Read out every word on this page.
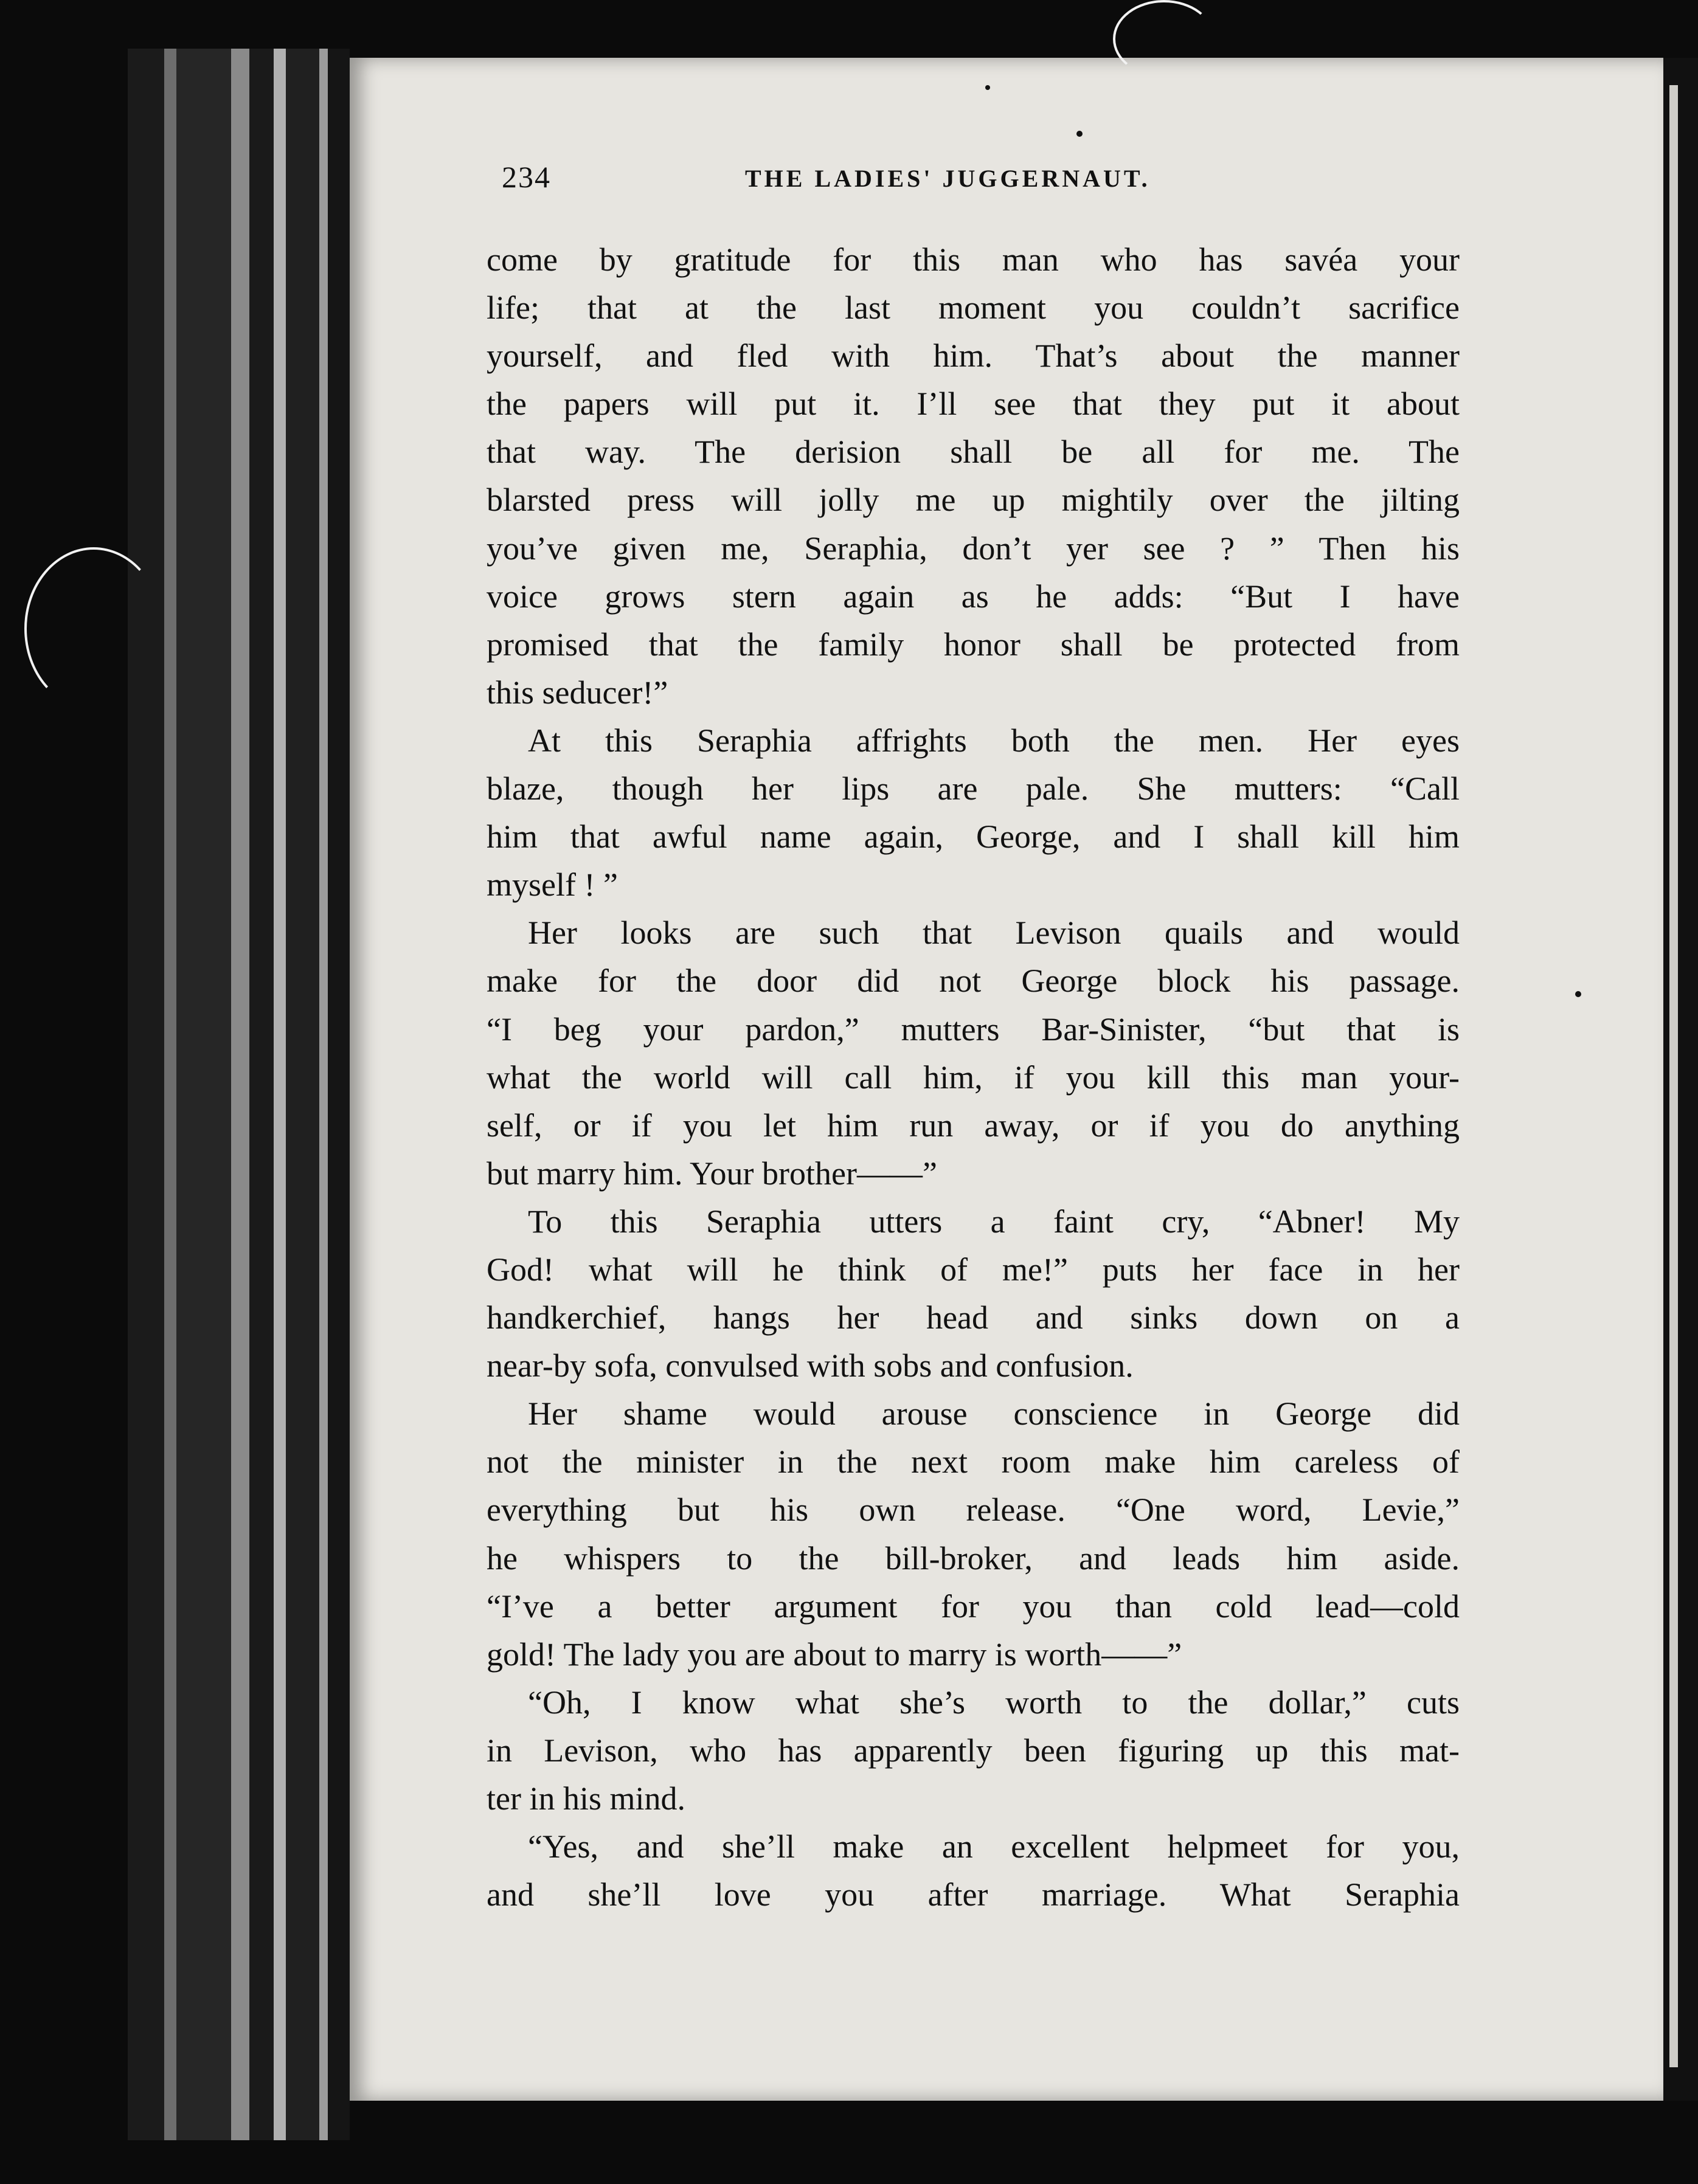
234	THE LADIES' JUGGERNAUT.
come by gratitude for this man who has savéa your
life; that at the last moment you couldn’t sacrifice
yourself, and fled with him. That’s about the manner
the papers will put it. I’ll see that they put it about
that way. The derision shall be all for me. The
blarsted press will jolly me up mightily over the jilting
you’ve given me, Seraphia, don’t yer see ? ” Then his
voice grows stern again as he adds: “But I have
promised that the family honor shall be protected from
this seducer!”
At this Seraphia affrights both the men. Her eyes
blaze, though her lips are pale. She mutters: “Call
him that awful name again, George, and I shall kill him
myself ! ”
Her looks are such that Levison quails and would
make for the door did not George block his passage.
“I beg your pardon,” mutters Bar-Sinister, “but that is
what the world will call him, if you kill this man your-
self, or if you let him run away, or if you do anything
but marry him. Your brother——”
To this Seraphia utters a faint cry, “Abner! My
God! what will he think of me!” puts her face in her
handkerchief, hangs her head and sinks down on a
near-by sofa, convulsed with sobs and confusion.
Her shame would arouse conscience in George did
not the minister in the next room make him careless of
everything but his own release. “One word, Levie,”
he whispers to the bill-broker, and leads him aside.
“I’ve a better argument for you than cold lead—cold
gold! The lady you are about to marry is worth——”
“Oh, I know what she’s worth to the dollar,” cuts
in Levison, who has apparently been figuring up this mat-
ter in his mind.
“Yes, and she’ll make an excellent helpmeet for you,
and she’ll love you after marriage. What Seraphia
